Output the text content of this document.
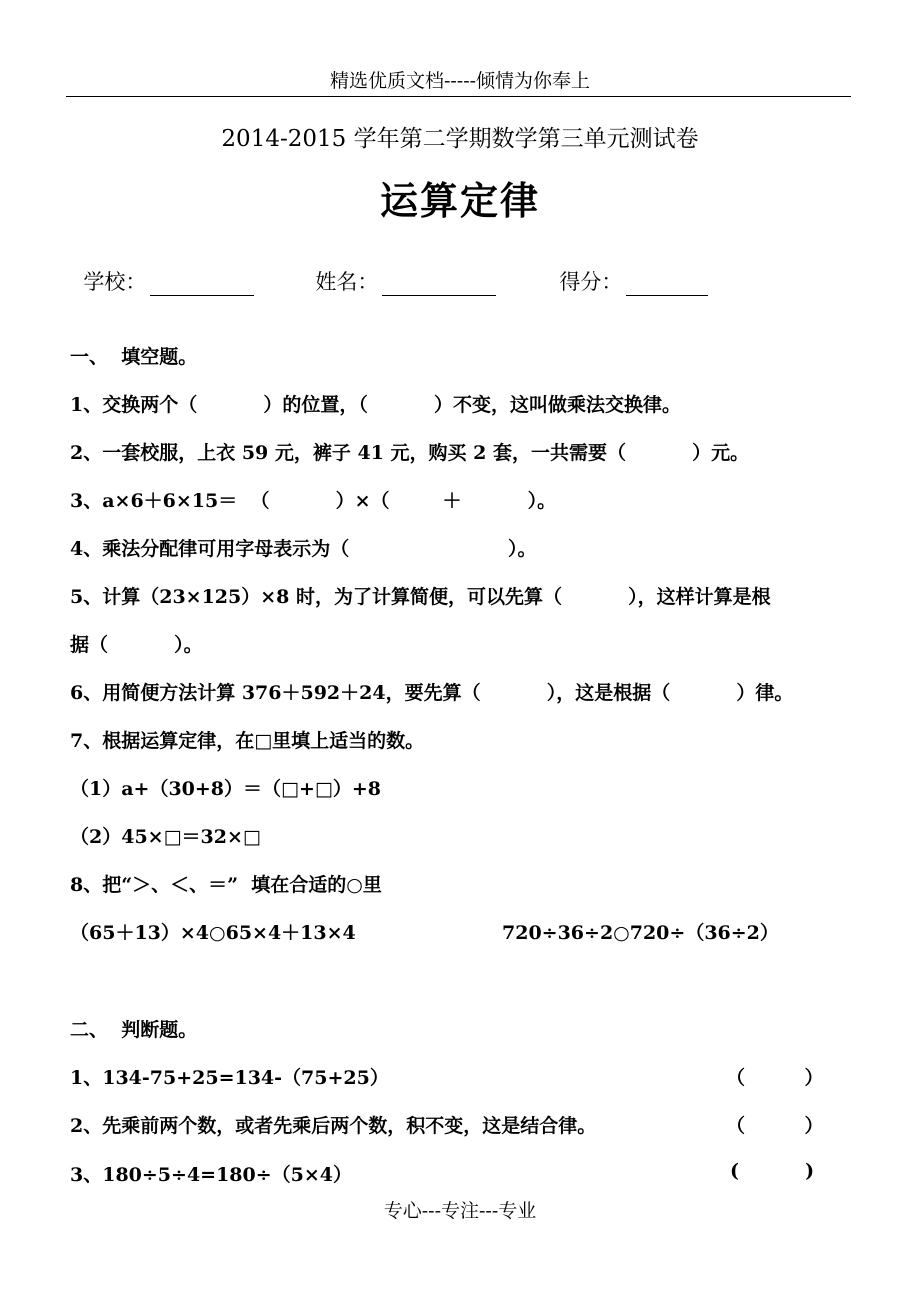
精选优质文档-----倾情为你奉上
2014-2015 学年第二学期数学第三单元测试卷
运算定律

学校：	姓名：	得分：

一、  填空题。
1、交换两个（          ）的位置，（          ）不变，这叫做乘法交换律。
2、一套校服，上衣 59 元，裤子 41 元，购买 2 套，一共需要（          ）元。
3、a×6＋6×15＝  （          ）×（        ＋          ）。
4、乘法分配律可用字母表示为（                        ）。
5、计算（23×125）×8 时，为了计算简便，可以先算（          ），这样计算是根
据（          ）。
6、用简便方法计算 376＋592＋24，要先算（          ），这是根据（          ）律。
7、根据运算定律，在□里填上适当的数。
（1）a+（30+8）＝（□+□）+8
（2）45×□＝32×□
8、把“＞、＜、＝”  填在合适的○里
（65＋13）×4○65×4＋13×4	720÷36÷2○720÷（36÷2）
二、  判断题。
1、134-75+25=134-（75+25）	（         ）
2、先乘前两个数，或者先乘后两个数，积不变，这是结合律。	（         ）
3、180÷5÷4=180÷（5×4）	(          )
专心---专注---专业
